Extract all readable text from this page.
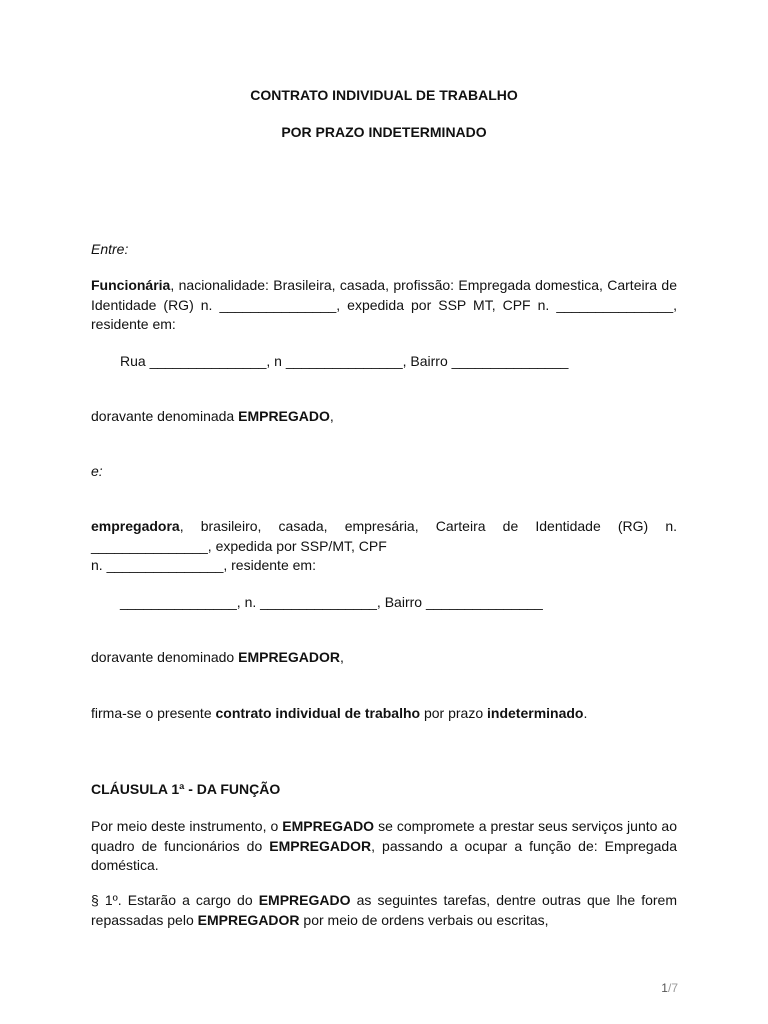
CONTRATO INDIVIDUAL DE TRABALHO

POR PRAZO INDETERMINADO

Entre:

Funcionária, nacionalidade: Brasileira, casada, profissão: Empregada domestica, Carteira de Identidade (RG) n. _______________, expedida por SSP MT, CPF n. _______________, residente em:

Rua _______________, n _______________, Bairro _______________

doravante denominada EMPREGADO,

e:

empregadora, brasileiro, casada, empresária, Carteira de Identidade (RG) n. _______________, expedida por SSP/MT, CPF

n. _______________, residente em:

_______________, n. _______________, Bairro _______________

doravante denominado EMPREGADOR,

firma-se o presente contrato individual de trabalho por prazo indeterminado.

CLÁUSULA 1ª - DA FUNÇÃO

Por meio deste instrumento, o EMPREGADO se compromete a prestar seus serviços junto ao quadro de funcionários do EMPREGADOR, passando a ocupar a função de: Empregada doméstica.

§ 1º. Estarão a cargo do EMPREGADO as seguintes tarefas, dentre outras que lhe forem repassadas pelo EMPREGADOR por meio de ordens verbais ou escritas,

1/7
